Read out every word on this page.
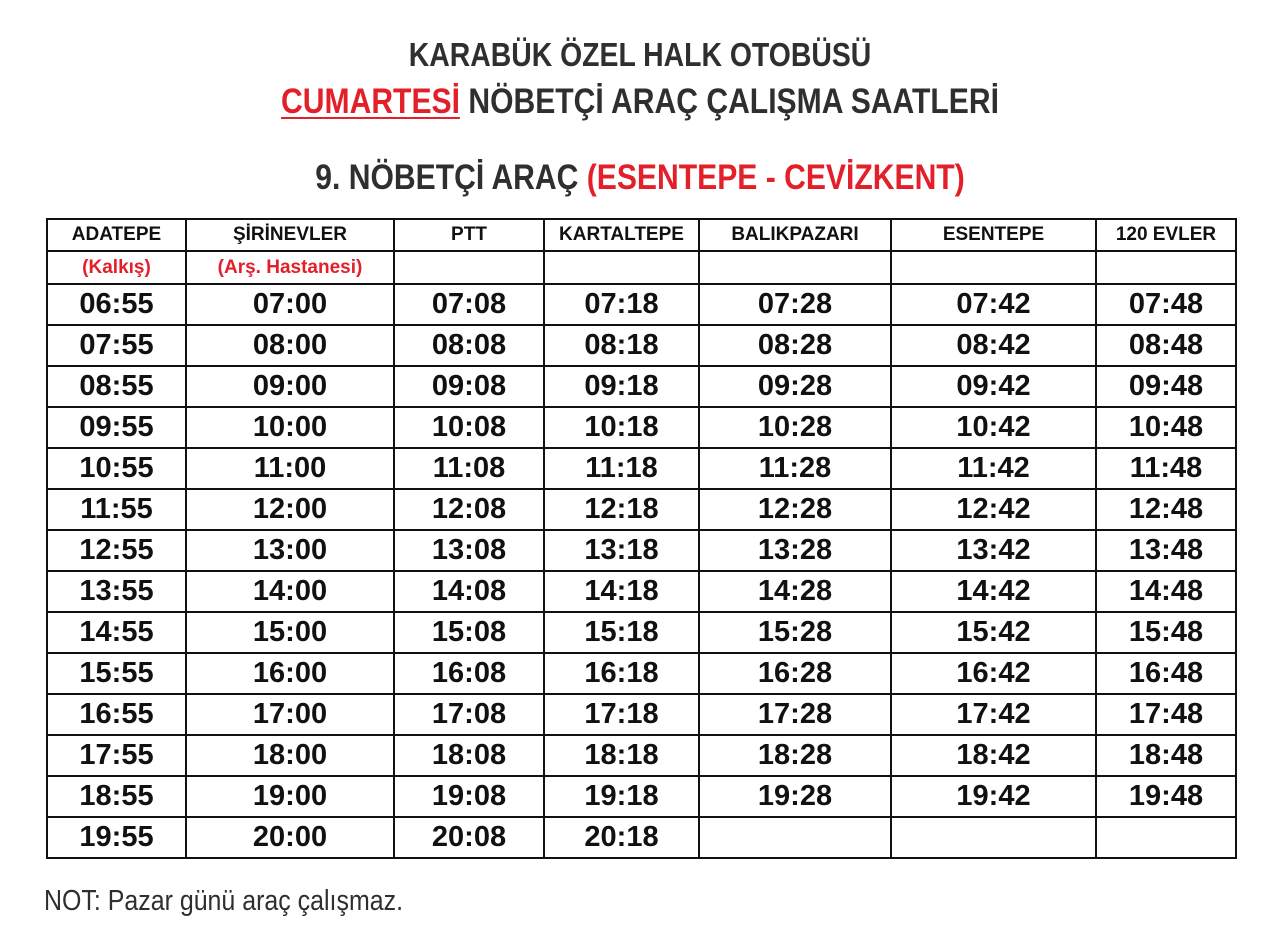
KARABÜK ÖZEL HALK OTOBÜSÜ
CUMARTESİ NÖBETÇİ ARAÇ ÇALIŞMA SAATLERİ
9. NÖBETÇİ ARAÇ (ESENTEPE - CEVİZKENT)
ADATEPE	ŞİRİNEVLER	PTT	KARTALTEPE	BALIKPAZARI	ESENTEPE	120 EVLER
(Kalkış)	(Arş. Hastanesi)					
06:55	07:00	07:08	07:18	07:28	07:42	07:48
07:55	08:00	08:08	08:18	08:28	08:42	08:48
08:55	09:00	09:08	09:18	09:28	09:42	09:48
09:55	10:00	10:08	10:18	10:28	10:42	10:48
10:55	11:00	11:08	11:18	11:28	11:42	11:48
11:55	12:00	12:08	12:18	12:28	12:42	12:48
12:55	13:00	13:08	13:18	13:28	13:42	13:48
13:55	14:00	14:08	14:18	14:28	14:42	14:48
14:55	15:00	15:08	15:18	15:28	15:42	15:48
15:55	16:00	16:08	16:18	16:28	16:42	16:48
16:55	17:00	17:08	17:18	17:28	17:42	17:48
17:55	18:00	18:08	18:18	18:28	18:42	18:48
18:55	19:00	19:08	19:18	19:28	19:42	19:48
19:55	20:00	20:08	20:18			
NOT: Pazar günü araç çalışmaz.
